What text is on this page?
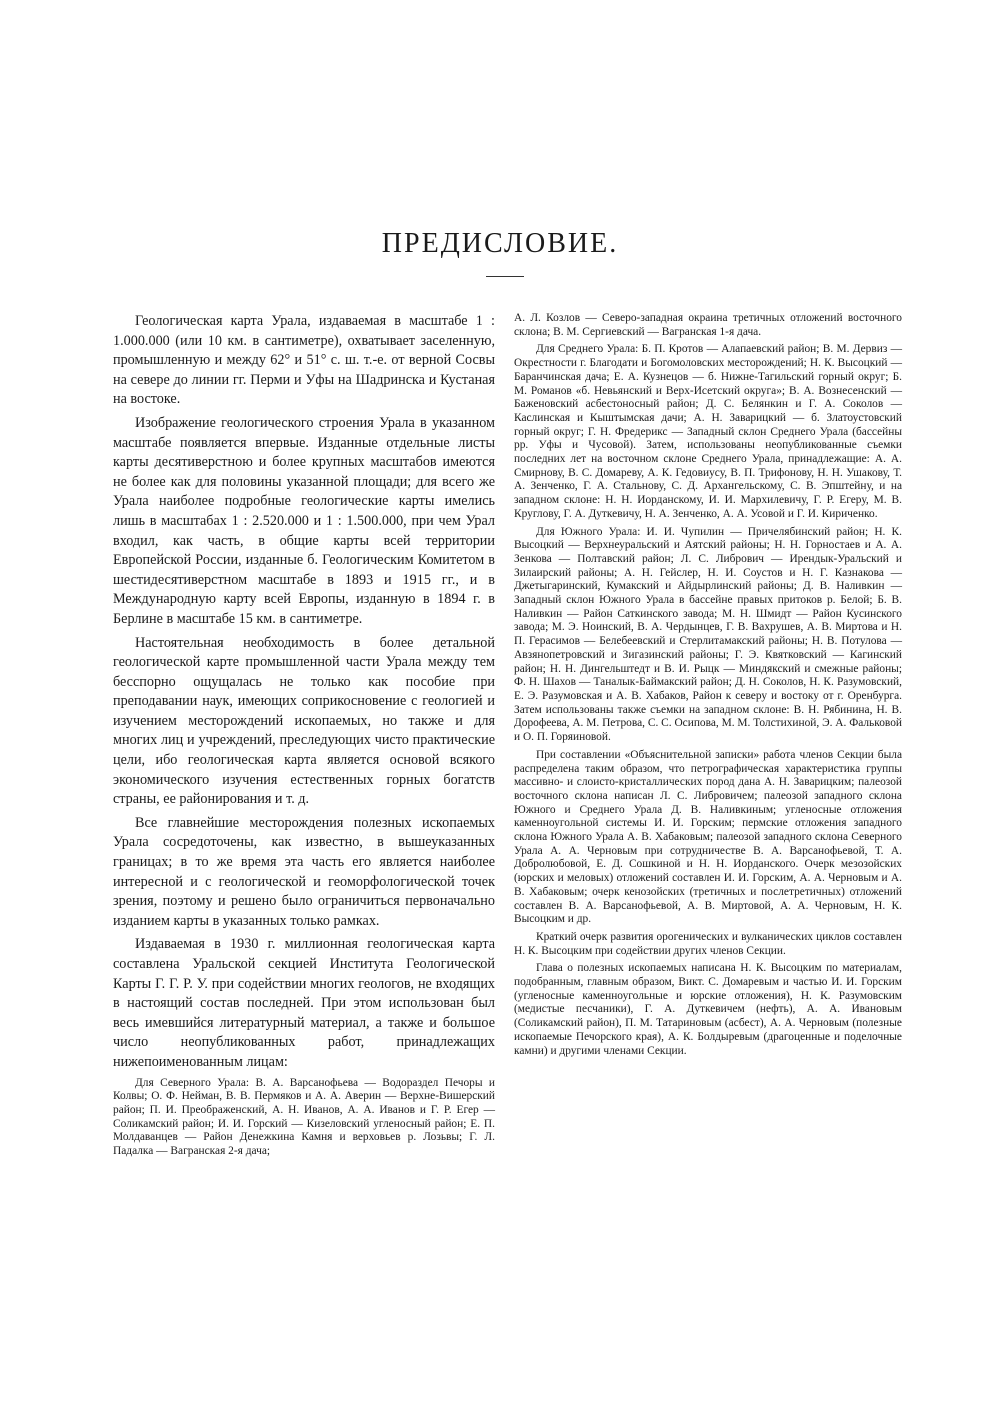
ПРЕДИСЛОВИЕ.

Геологическая карта Урала, издаваемая в масштабе 1 : 1.000.000 (или 10 км. в сантиметре), охватывает заселенную, промышленную и между 62° и 51° с. ш. т.-е. от верной Сосвы на севере до линии гг. Перми и Уфы на Шадринска и Кустаная на востоке.

Изображение геологического строения Урала в указанном масштабе появляется впервые. Изданные отдельные листы карты десятиверстною и более крупных масштабов имеются не более как для половины указанной площади; для всего же Урала наиболее подробные геологические карты имелись лишь в масштабах 1 : 2.520.000 и 1 : 1.500.000, при чем Урал входил, как часть, в общие карты всей территории Европейской России, изданные б. Геологическим Комитетом в шестидесятиверстном масштабе в 1893 и 1915 гг., и в Международную карту всей Европы, изданную в 1894 г. в Берлине в масштабе 15 км. в сантиметре.

Настоятельная необходимость в более детальной геологической карте промышленной части Урала между тем бесспорно ощущалась не только как пособие при преподавании наук, имеющих соприкосновение с геологией и изучением месторождений ископаемых, но также и для многих лиц и учреждений, преследующих чисто практические цели, ибо геологическая карта является основой всякого экономического изучения естественных горных богатств страны, ее районирования и т. д.

Все главнейшие месторождения полезных ископаемых Урала сосредоточены, как известно, в вышеуказанных границах; в то же время эта часть его является наиболее интересной и с геологической и геоморфологической точек зрения, поэтому и решено было ограничиться первоначально изданием карты в указанных только рамках.

Издаваемая в 1930 г. миллионная геологическая карта составлена Уральской секцией Института Геологической Карты Г. Г. Р. У. при содействии многих геологов, не входящих в настоящий состав последней. При этом использован был весь имевшийся литературный материал, а также и большое число неопубликованных работ, принадлежащих нижепоименованным лицам:

Для Северного Урала: В. А. Варсанофьева — Водораздел Печоры и Колвы; О. Ф. Нейман, В. В. Пермяков и А. А. Аверин — Верхне-Вишерский район; П. И. Преображенский, А. Н. Иванов, А. А. Иванов и Г. Р. Егер — Соликамский район; И. И. Горский — Кизеловский угленосный район; Е. П. Молдаванцев — Район Денежкина Камня и верховьев р. Лозьвы; Г. Л. Падалка — Вагранская 2-я дача;

А. Л. Козлов — Северо-западная окраина третичных отложений восточного склона; В. М. Сергиевский — Вагранская 1-я дача.

Для Среднего Урала: Б. П. Кротов — Алапаевский район; В. М. Дервиз — Окрестности г. Благодати и Богомоловских месторождений; Н. К. Высоцкий — Баранчинская дача; Е. А. Кузнецов — б. Нижне-Тагильский горный округ; Б. М. Романов «б. Невьянский и Верх-Исетский округа»; В. А. Вознесенский — Баженовский асбестоносный район; Д. С. Белянкин и Г. А. Соколов — Каслинская и Кыштымская дачи; А. Н. Заварицкий — б. Златоустовский горный округ; Г. Н. Фредерикс — Западный склон Среднего Урала (бассейны рр. Уфы и Чусовой). Затем, использованы неопубликованные съемки последних лет на восточном склоне Среднего Урала, принадлежащие: А. А. Смирнову, В. С. Домареву, А. К. Гедовиусу, В. П. Трифонову, Н. Н. Ушакову, Т. А. Зенченко, Г. А. Стальнову, С. Д. Архангельскому, С. В. Эпштейну, и на западном склоне: Н. Н. Иорданскому, И. И. Мархилевичу, Г. Р. Егеру, М. В. Круглову, Г. А. Дуткевичу, Н. А. Зенченко, А. А. Усовой и Г. И. Кириченко.

Для Южного Урала: И. И. Чупилин — Причелябинский район; Н. К. Высоцкий — Верхнеуральский и Аятский районы; Н. Н. Горностаев и А. А. Зенкова — Полтавский район; Л. С. Либрович — Ирендык-Уральский и Зилаирский районы; А. Н. Гейслер, Н. И. Соустов и Н. Г. Казнакова — Джетыгаринский, Кумакский и Айдырлинский районы; Д. В. Наливкин — Западный склон Южного Урала в бассейне правых притоков р. Белой; Б. В. Наливкин — Район Саткинского завода; М. Н. Шмидт — Район Кусинского завода; М. Э. Ноинский, В. А. Чердынцев, Г. В. Вахрушев, А. В. Миртова и Н. П. Герасимов — Белебеевский и Стерлитамакский районы; Н. В. Потулова — Авзянопетровский и Зигазинский районы; Г. Э. Квятковский — Кагинский район; Н. Н. Дингельштедт и В. И. Рыцк — Миндякский и смежные районы; Ф. Н. Шахов — Таналык-Баймакский район; Д. Н. Соколов, Н. К. Разумовский, Е. Э. Разумовская и А. В. Хабаков, Район к северу и востоку от г. Оренбурга. Затем использованы также съемки на западном склоне: В. Н. Рябинина, Н. В. Дорофеева, А. М. Петрова, С. С. Осипова, М. М. Толстихиной, Э. А. Фальковой и О. П. Горяиновой.

При составлении «Объяснительной записки» работа членов Секции была распределена таким образом, что петрографическая характеристика группы массивно- и слоисто-кристаллических пород дана А. Н. Заварицким; палеозой восточного склона написан Л. С. Либровичем; палеозой западного склона Южного и Среднего Урала Д. В. Наливкиным; угленосные отложения каменноугольной системы И. И. Горским; пермские отложения западного склона Южного Урала А. В. Хабаковым; палеозой западного склона Северного Урала А. А. Черновым при сотрудничестве В. А. Варсанофьевой, Т. А. Добролюбовой, Е. Д. Сошкиной и Н. Н. Иорданского. Очерк мезозойских (юрских и меловых) отложений составлен И. И. Горским, А. А. Черновым и А. В. Хабаковым; очерк кенозойских (третичных и послетретичных) отложений составлен В. А. Варсанофьевой, А. В. Миртовой, А. А. Черновым, Н. К. Высоцким и др.

Краткий очерк развития орогенических и вулканических циклов составлен Н. К. Высоцким при содействии других членов Секции.

Глава о полезных ископаемых написана Н. К. Высоцким по материалам, подобранным, главным образом, Викт. С. Домаревым и частью И. И. Горским (угленосные каменноугольные и юрские отложения), Н. К. Разумовским (медистые песчаники), Г. А. Дуткевичем (нефть), А. А. Ивановым (Соликамский район), П. М. Татариновым (асбест), А. А. Черновым (полезные ископаемые Печорского края), А. К. Болдыревым (драгоценные и поделочные камни) и другими членами Секции.
